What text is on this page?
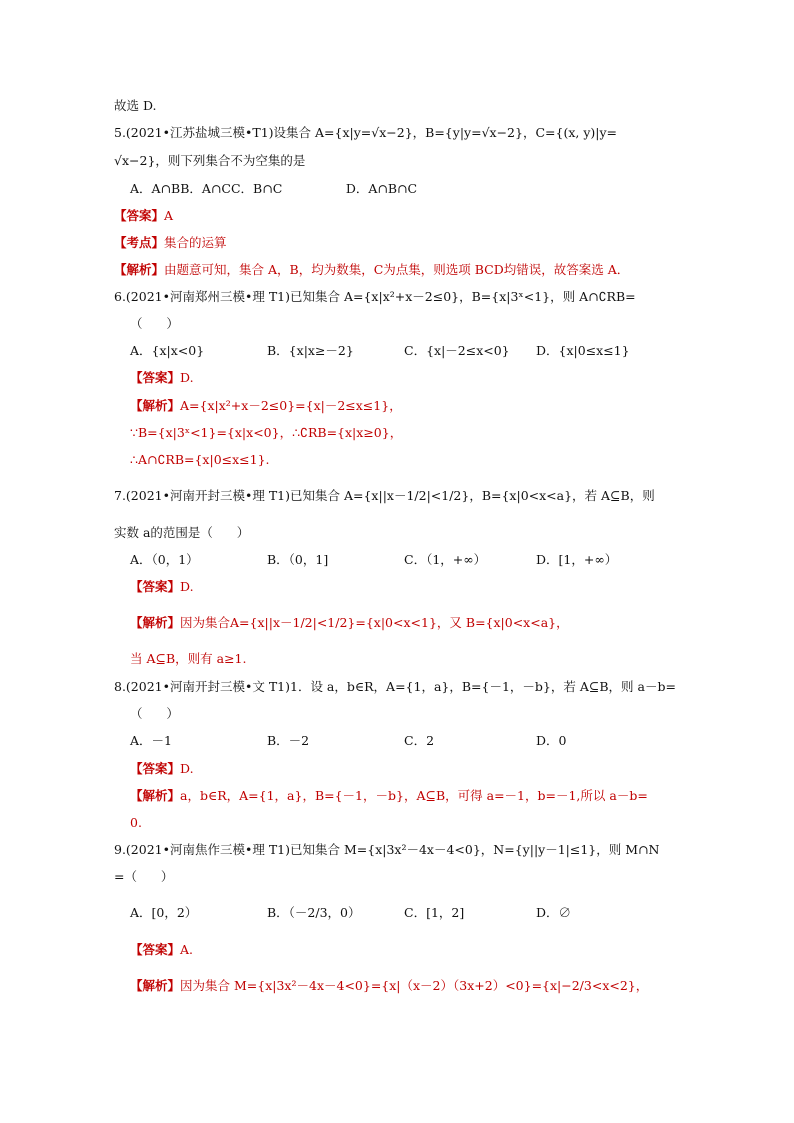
故选 D.
5.(2021•江苏盐城三模•T1)设集合 A={x|y=√x−2}，B={y|y=√x−2}，C={(x, y)|y=
√x−2}，则下列集合不为空集的是
A．A∩BB．A∩CC．B∩C                D．A∩B∩C
【答案】A
【考点】集合的运算
【解析】由题意可知，集合 A，B，均为数集，C为点集，则选项 BCD均错误，故答案选 A．
6.(2021•河南郑州三模•理 T1)已知集合 A={x|x²+x－2≤0}，B={x|3ˣ<1}，则 A∩∁RB=
（      ）
A．{x|x<0}	B．{x|x≥－2}	C．{x|－2≤x<0} D．{x|0≤x≤1}
【答案】D.
【解析】A={x|x²+x－2≤0}={x|－2≤x≤1}，
∵B={x|3ˣ<1}={x|x<0}，∴∁RB={x|x≥0}，
∴A∩∁RB={x|0≤x≤1}.
7.(2021•河南开封三模•理 T1)已知集合 A={x||x－1/2|<1/2}，B={x|0<x<a}，若 A⊆B，则
实数 a的范围是（      ）
A．（0，1）	B．（0，1]	C．（1，+∞）	D．[1，+∞）
【答案】D.
【解析】因为集合A={x||x－1/2|<1/2}={x|0<x<1}，又 B={x|0<x<a}，
当 A⊆B，则有 a≥1.
8.(2021•河南开封三模•文 T1)1．设 a，b∈R，A={1，a}，B={－1，－b}，若 A⊆B，则 a－b=
（      ）
A．－1	B．－2	C．2	D．0
【答案】D.
【解析】a，b∈R，A={1，a}，B={－1，－b}，A⊆B，可得 a=－1，b=－1,所以 a－b=
0.
9.(2021•河南焦作三模•理 T1)已知集合 M={x|3x²－4x－4<0}，N={y||y－1|≤1}，则 M∩N
=（      ）
A．[0，2）	B．（－2/3，0）	C．[1，2]	D．∅
【答案】A.
【解析】因为集合 M={x|3x²－4x－4<0}={x|（x－2）（3x+2）<0}={x|−2/3<x<2}，
